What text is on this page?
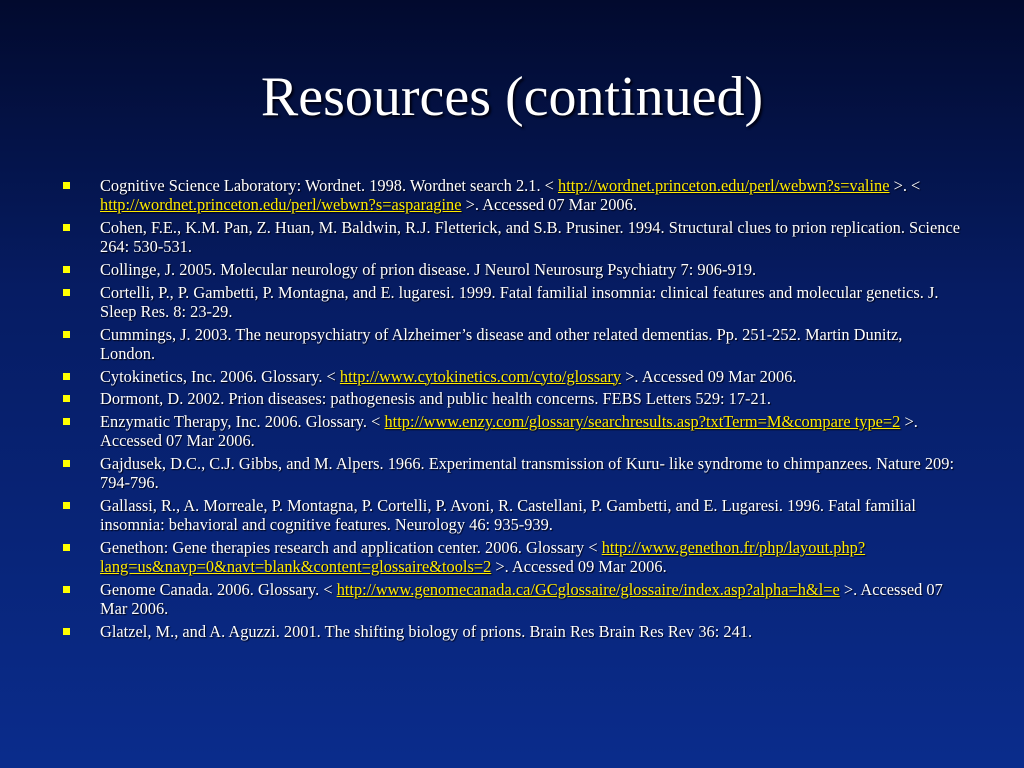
Resources (continued)
Cognitive Science Laboratory: Wordnet. 1998. Wordnet search 2.1. < http://wordnet.princeton.edu/perl/webwn?s=valine >. < http://wordnet.princeton.edu/perl/webwn?s=asparagine >. Accessed 07 Mar 2006.
Cohen, F.E., K.M. Pan, Z. Huan, M. Baldwin, R.J. Fletterick, and S.B. Prusiner. 1994. Structural clues to prion replication. Science 264: 530-531.
Collinge, J. 2005. Molecular neurology of prion disease. J Neurol Neurosurg Psychiatry 7: 906-919.
Cortelli, P., P. Gambetti, P. Montagna, and E. lugaresi. 1999. Fatal familial insomnia: clinical features and molecular genetics. J. Sleep Res. 8: 23-29.
Cummings, J. 2003. The neuropsychiatry of Alzheimer’s disease and other related dementias. Pp. 251-252. Martin Dunitz, London.
Cytokinetics, Inc. 2006. Glossary. < http://www.cytokinetics.com/cyto/glossary >. Accessed 09 Mar 2006.
Dormont, D. 2002. Prion diseases: pathogenesis and public health concerns. FEBS Letters 529: 17-21.
Enzymatic Therapy, Inc. 2006. Glossary. < http://www.enzy.com/glossary/searchresults.asp?txtTerm=M&compare type=2 >. Accessed 07 Mar 2006.
Gajdusek, D.C., C.J. Gibbs, and M. Alpers. 1966. Experimental transmission of Kuru- like syndrome to chimpanzees. Nature 209: 794-796.
Gallassi, R., A. Morreale, P. Montagna, P. Cortelli, P. Avoni, R. Castellani, P. Gambetti, and E. Lugaresi. 1996. Fatal familial insomnia: behavioral and cognitive features. Neurology 46: 935-939.
Genethon: Gene therapies research and application center. 2006. Glossary < http://www.genethon.fr/php/layout.php?lang=us&navp=0&navt=blank&content=glossaire&tools=2 >. Accessed 09 Mar 2006.
Genome Canada. 2006. Glossary. < http://www.genomecanada.ca/GCglossaire/glossaire/index.asp?alpha=h&l=e >. Accessed 07 Mar 2006.
Glatzel, M., and A. Aguzzi. 2001. The shifting biology of prions. Brain Res Brain Res Rev 36: 241.
